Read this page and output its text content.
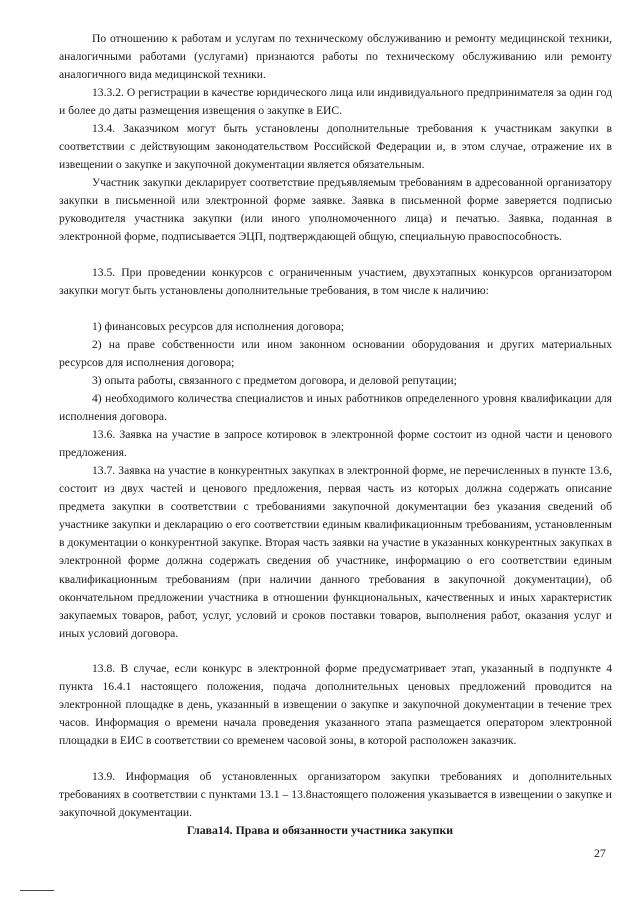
По отношению к работам и услугам по техническому обслуживанию и ремонту медицинской техники, аналогичными работами (услугами) признаются работы по техническому обслуживанию или ремонту аналогичного вида медицинской техники.

13.3.2. О регистрации в качестве юридического лица или индивидуального предпринимателя за один год и более до даты размещения извещения о закупке в ЕИС.

13.4. Заказчиком могут быть установлены дополнительные требования к участникам закупки в соответствии с действующим законодательством Российской Федерации и, в этом случае, отражение их в извещении о закупке и закупочной документации является обязательным.

Участник закупки декларирует соответствие предъявляемым требованиям в адресованной организатору закупки в письменной или электронной форме заявке. Заявка в письменной форме заверяется подписью руководителя участника закупки (или иного уполномоченного лица) и печатью. Заявка, поданная в электронной форме, подписывается ЭЦП, подтверждающей общую, специальную правоспособность.

13.5. При проведении конкурсов с ограниченным участием, двухэтапных конкурсов организатором закупки могут быть установлены дополнительные требования, в том числе к наличию:

1) финансовых ресурсов для исполнения договора;

2) на праве собственности или ином законном основании оборудования и других материальных ресурсов для исполнения договора;

3) опыта работы, связанного с предметом договора, и деловой репутации;

4) необходимого количества специалистов и иных работников определенного уровня квалификации для исполнения договора.

13.6. Заявка на участие в запросе котировок в электронной форме состоит из одной части и ценового предложения.

13.7. Заявка на участие в конкурентных закупках в электронной форме, не перечисленных в пункте 13.6, состоит из двух частей и ценового предложения, первая часть из которых должна содержать описание предмета закупки в соответствии с требованиями закупочной документации без указания сведений об участнике закупки и декларацию о его соответствии единым квалификационным требованиям, установленным в документации о конкурентной закупке. Вторая часть заявки на участие в указанных конкурентных закупках в электронной форме должна содержать сведения об участнике, информацию о его соответствии единым квалификационным требованиям (при наличии данного требования в закупочной документации), об окончательном предложении участника в отношении функциональных, качественных и иных характеристик закупаемых товаров, работ, услуг, условий и сроков поставки товаров, выполнения работ, оказания услуг и иных условий договора.

13.8. В случае, если конкурс в электронной форме предусматривает этап, указанный в подпункте 4 пункта 16.4.1 настоящего положения, подача дополнительных ценовых предложений проводится на электронной площадке в день, указанный в извещении о закупке и закупочной документации в течение трех часов. Информация о времени начала проведения указанного этапа размещается оператором электронной площадки в ЕИС в соответствии со временем часовой зоны, в которой расположен заказчик.

13.9. Информация об установленных организатором закупки требованиях и дополнительных требованиях в соответствии с пунктами 13.1 – 13.8настоящего положения указывается в извещении о закупке и закупочной документации.

Глава14. Права и обязанности участника закупки
27
